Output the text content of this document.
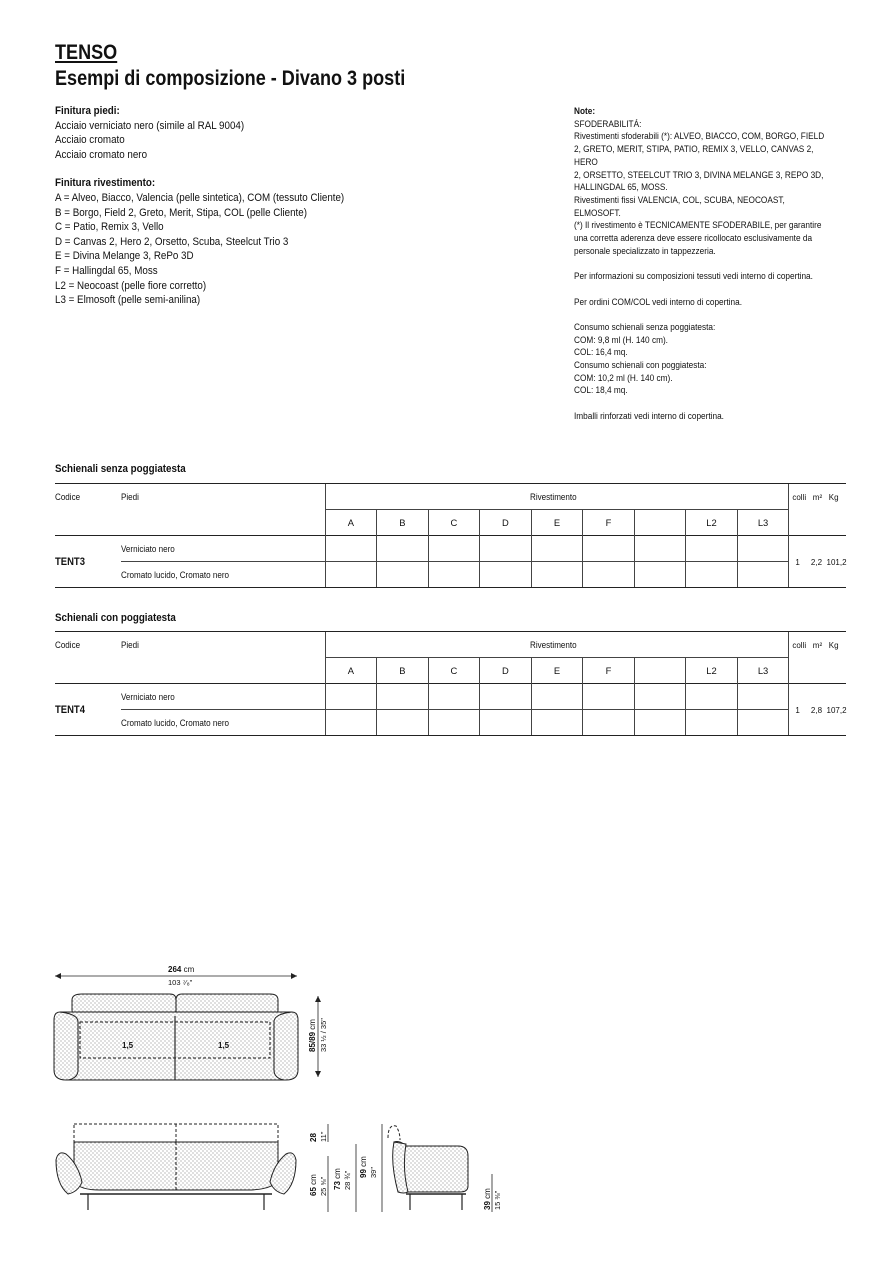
TENSO
Esempi di composizione - Divano 3 posti
Finitura piedi:
Acciaio verniciato nero (simile al RAL 9004)
Acciaio cromato
Acciaio cromato nero
Finitura rivestimento:
A = Alveo, Biacco, Valencia (pelle sintetica), COM (tessuto Cliente)
B = Borgo, Field 2, Greto, Merit, Stipa, COL (pelle Cliente)
C = Patio, Remix 3, Vello
D = Canvas 2, Hero 2, Orsetto, Scuba, Steelcut Trio 3
E = Divina Melange 3, RePo 3D
F = Hallingdal 65, Moss
L2 = Neocoast (pelle fiore corretto)
L3 = Elmosoft (pelle semi-anilina)
Note:
SFODERABILITÁ:
Rivestimenti sfoderabili (*): ALVEO, BIACCO, COM, BORGO, FIELD
2, GRETO, MERIT, STIPA, PATIO, REMIX 3, VELLO, CANVAS 2, HERO
2, ORSETTO, STEELCUT TRIO 3, DIVINA MELANGE 3, REPO 3D,
HALLINGDAL 65, MOSS.
Rivestimenti fissi VALENCIA, COL, SCUBA, NEOCOAST, ELMOSOFT.
(*) Il rivestimento è TECNICAMENTE SFODERABILE, per garantire
una corretta aderenza deve essere ricollocato esclusivamente da
personale specializzato in tappezzeria.
Per informazioni su composizioni tessuti vedi interno di copertina.
Per ordini COM/COL vedi interno di copertina.
Consumo schienali senza poggiatesta:
COM: 9,8 ml (H. 140 cm).
COL: 16,4 mq.
Consumo schienali con poggiatesta:
COM: 10,2 ml (H. 140 cm).
COL: 18,4 mq.
Imballi rinforzati vedi interno di copertina.
Schienali senza poggiatesta
Codice	Piedi	Rivestimento									colli m² Kg
		A	B	C	D	E	F		L2	L3	
TENT3	Verniciato nero										1 2,2 101,2
	Cromato lucido, Cromato nero										
Schienali con poggiatesta
Codice	Piedi	Rivestimento									colli m² Kg
		A	B	C	D	E	F		L2	L3	
TENT4	Verniciato nero										1 2,8 107,2
	Cromato lucido, Cromato nero										
264 cm
103 ⁷⁄₈"
1,5	1,5	85/89 cm 33 ½ / 35"
28 11"
65 cm 25 ⅝" 73 cm 28 ¾" 99 cm
39"
39 cm 15 ⅜"
